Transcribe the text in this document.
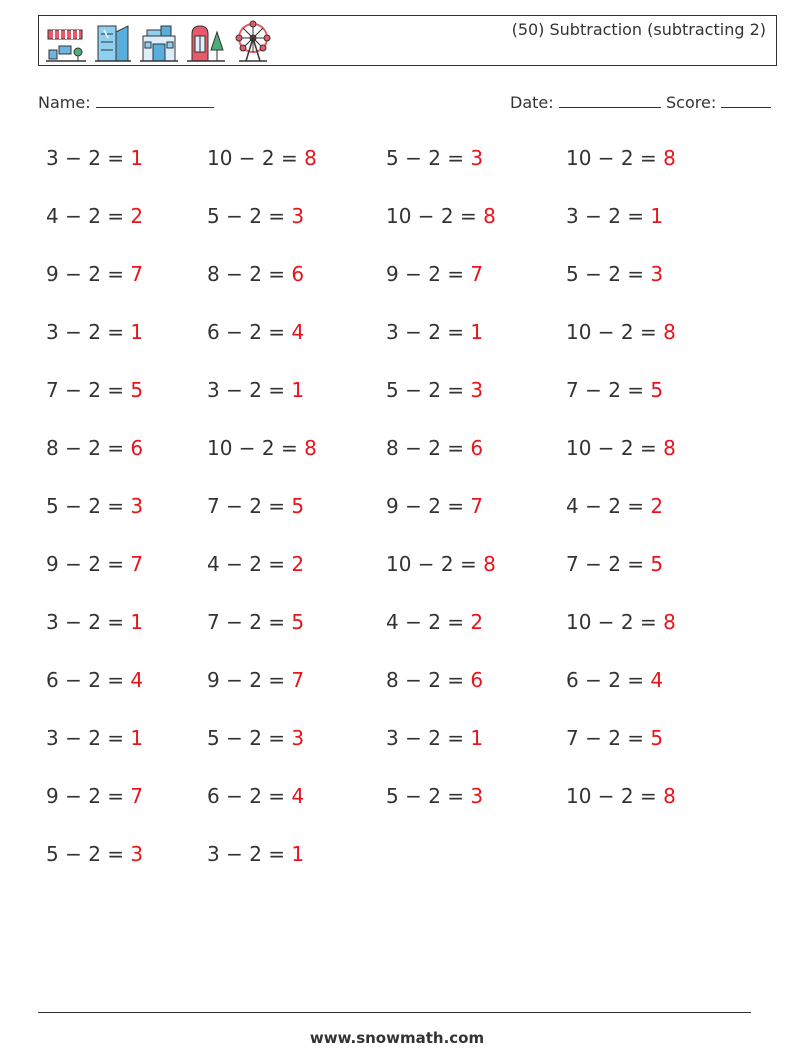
(50) Subtraction (subtracting 2)
Name:	Date:	Score:
3 − 2 = 1	10 − 2 = 8	5 − 2 = 3	10 − 2 = 8
4 − 2 = 2	5 − 2 = 3	10 − 2 = 8	3 − 2 = 1
9 − 2 = 7	8 − 2 = 6	9 − 2 = 7	5 − 2 = 3
3 − 2 = 1	6 − 2 = 4	3 − 2 = 1	10 − 2 = 8
7 − 2 = 5	3 − 2 = 1	5 − 2 = 3	7 − 2 = 5
8 − 2 = 6	10 − 2 = 8	8 − 2 = 6	10 − 2 = 8
5 − 2 = 3	7 − 2 = 5	9 − 2 = 7	4 − 2 = 2
9 − 2 = 7	4 − 2 = 2	10 − 2 = 8	7 − 2 = 5
3 − 2 = 1	7 − 2 = 5	4 − 2 = 2	10 − 2 = 8
6 − 2 = 4	9 − 2 = 7	8 − 2 = 6	6 − 2 = 4
3 − 2 = 1	5 − 2 = 3	3 − 2 = 1	7 − 2 = 5
9 − 2 = 7	6 − 2 = 4	5 − 2 = 3	10 − 2 = 8
5 − 2 = 3	3 − 2 = 1
www.snowmath.com
